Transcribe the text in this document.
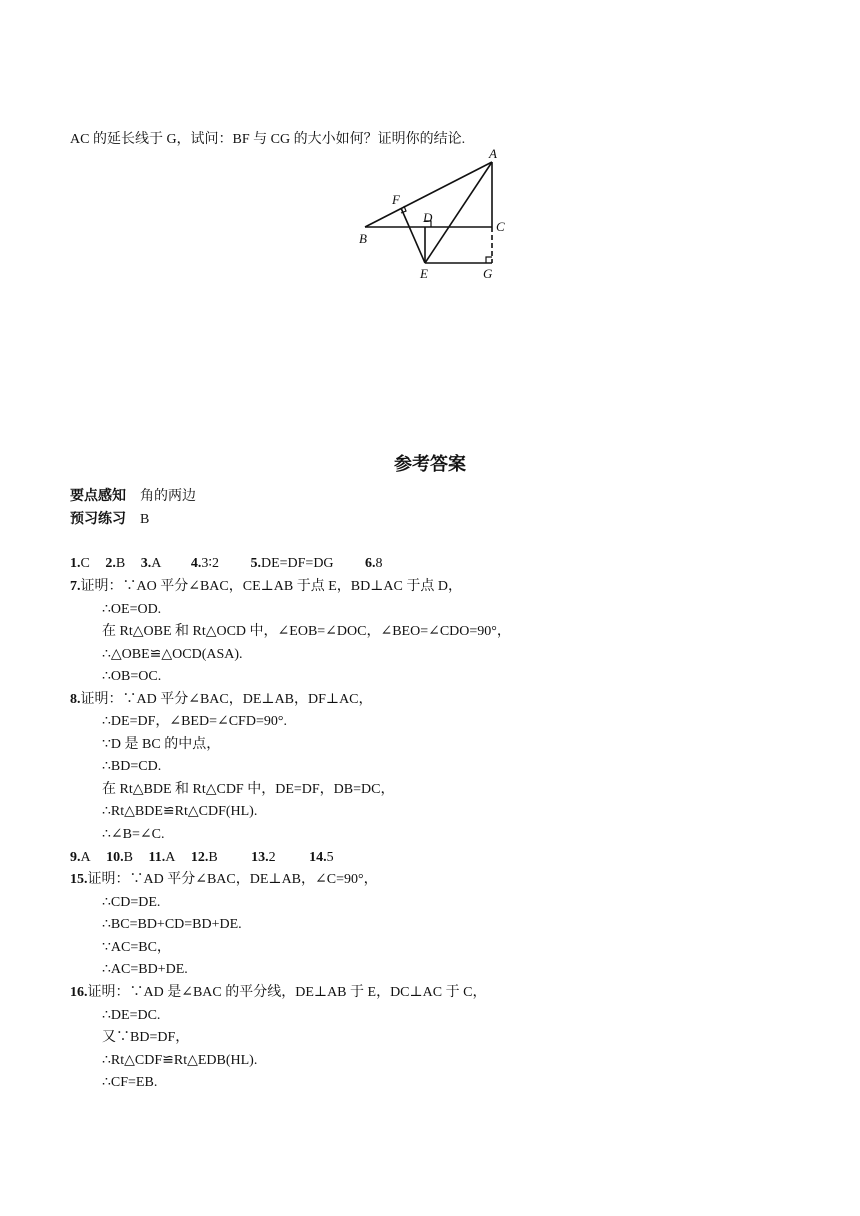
AC 的延长线于 G，试问：BF 与 CG 的大小如何？证明你的结论.
A
F
D
C
B
E	G
参考答案
要点感知 角的两边
预习练习 B
1.C 2.B 3.A 4.3∶2 5.DE=DF=DG 6.8
7.证明：∵AO 平分∠BAC，CE⊥AB 于点 E，BD⊥AC 于点 D，
∴OE=OD.
在 Rt△OBE 和 Rt△OCD 中，∠EOB=∠DOC，∠BEO=∠CDO=90°，
∴△OBE≌△OCD(ASA).
∴OB=OC.
8.证明：∵AD 平分∠BAC，DE⊥AB，DF⊥AC，
∴DE=DF，∠BED=∠CFD=90°.
∵D 是 BC 的中点，
∴BD=CD.
在 Rt△BDE 和 Rt△CDF 中，DE=DF，DB=DC，
∴Rt△BDE≌Rt△CDF(HL).
∴∠B=∠C.
9.A 10.B 11.A 12.B 13.2 14.5
15.证明：∵AD 平分∠BAC，DE⊥AB，∠C=90°，
∴CD=DE.
∴BC=BD+CD=BD+DE.
∵AC=BC，
∴AC=BD+DE.
16.证明：∵AD 是∠BAC 的平分线，DE⊥AB 于 E，DC⊥AC 于 C，
∴DE=DC.
又∵BD=DF，
∴Rt△CDF≌Rt△EDB(HL).
∴CF=EB.
